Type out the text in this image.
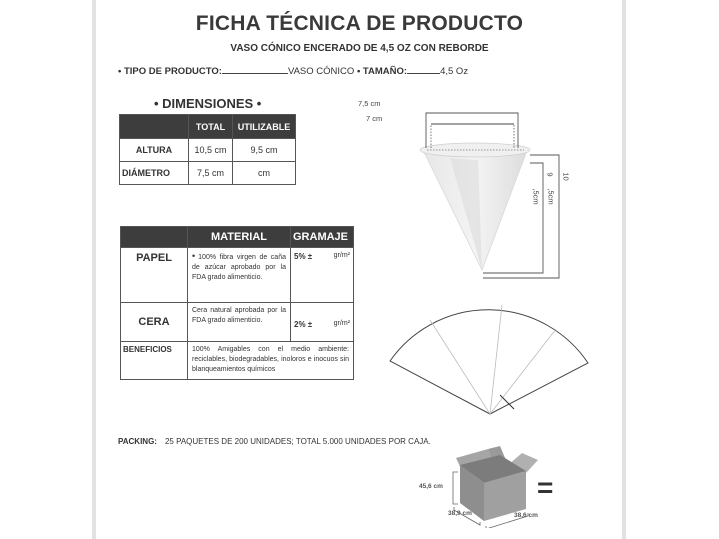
FICHA TÉCNICA DE PRODUCTO
VASO CÓNICO ENCERADO DE 4,5 OZ CON REBORDE
• TIPO DE PRODUCTO:	VASO CÓNICO • TAMAÑO:	4,5 Oz
• DIMENSIONES •
	TOTAL	UTILIZABLE
ALTURA	10,5 cm	9,5 cm
DIÁMETRO	7,5 cm	cm
7,5 cm
7 cm
9
,5cm
10
,5cm
	MATERIAL	GRAMAJE

PAPEL	• 100% fibra virgen de caña de azúcar aprobado por la FDA grado alimenticio.	5% ± gr/m²

CERA	Cera natural aprobada por la FDA grado alimenticio.	2% ± gr/m²

BENEFICIOS	100% Amigables con el medio ambiente: reciclables, biodegradables, inoloros e inocuos sin blanqueamientos químicos	
PACKING: 25 PAQUETES DE 200 UNIDADES; TOTAL 5.000 UNIDADES POR CAJA.
45,6 cm
38,9 cm	38,6 cm
=
